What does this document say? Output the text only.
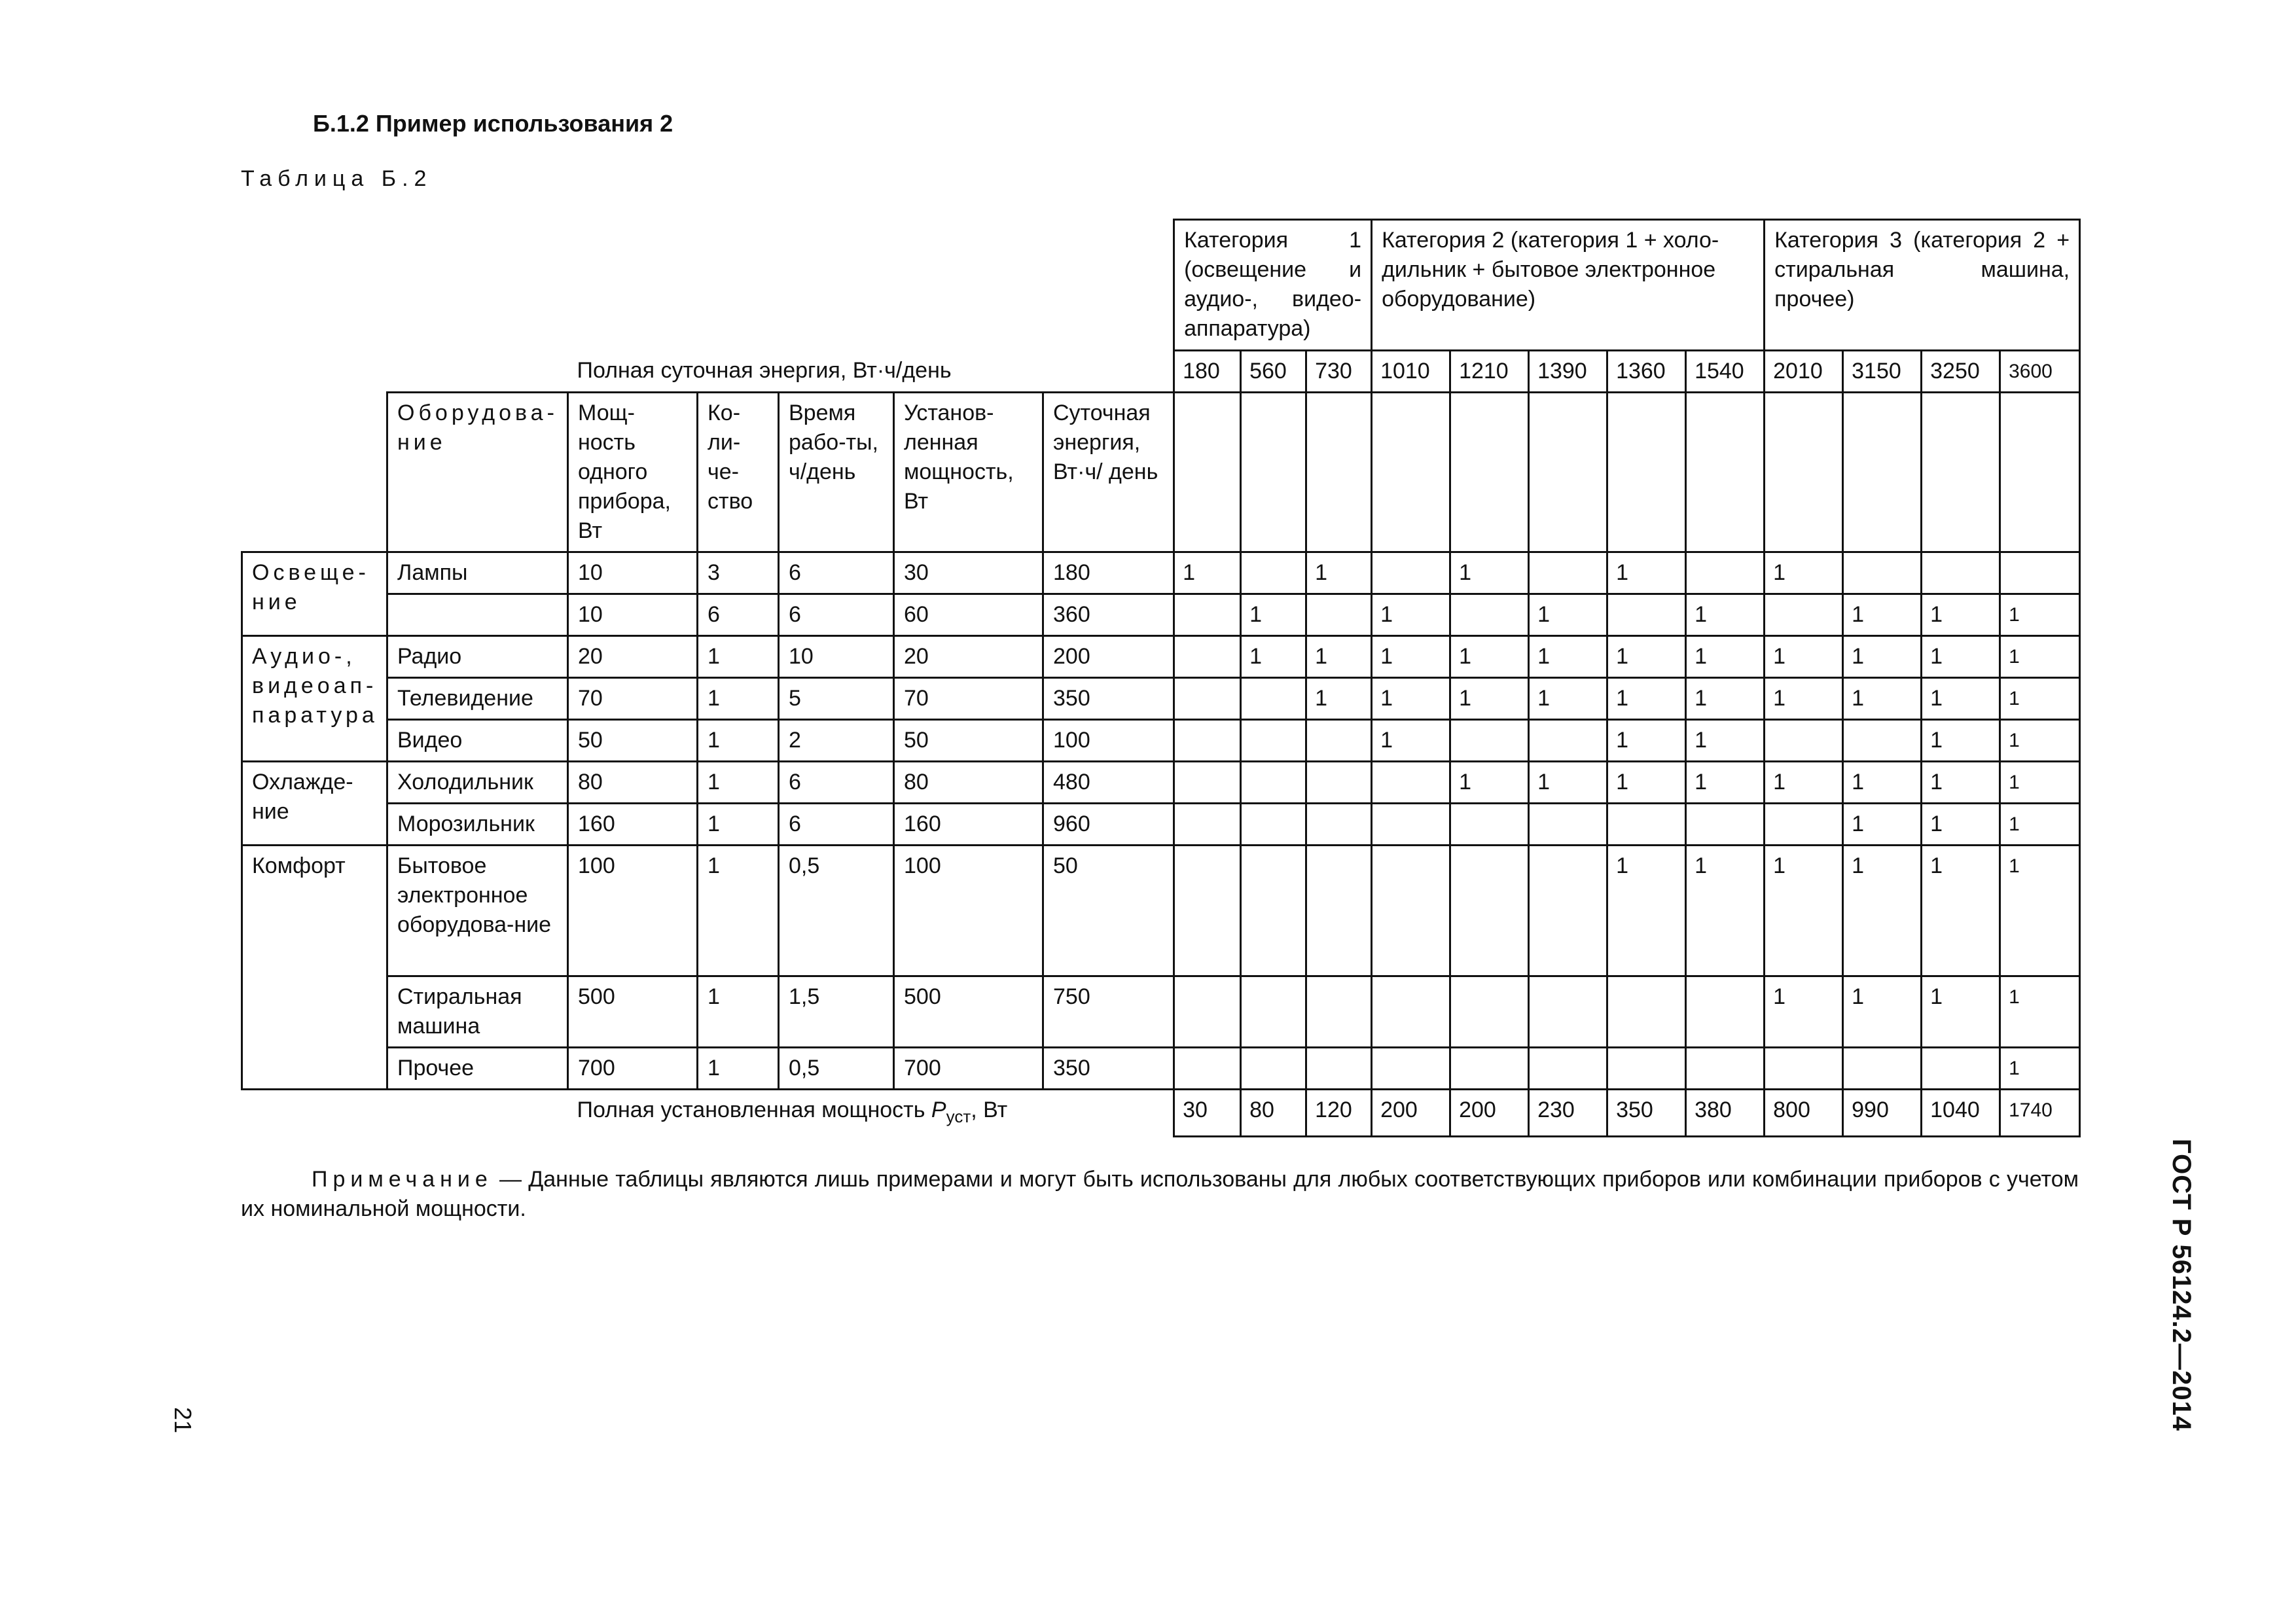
Б.1.2 Пример использования 2
Таблица Б.2
							Категория 1 (освещение и аудио-, видео-аппаратура)			Категория 2 (категория 1 + холо-дильник + бытовое электронное оборудование)					Категория 3 (категория 2 + стиральная машина, прочее)			
		Полная суточная энергия, Вт·ч/день					180	560	730	1010	1210	1390	1360	1540	2010	3150	3250	3600
	Оборудова-ние	Мощ-ность одного прибора, Вт	Ко-ли-че-ство	Время рабо-ты, ч/день	Установ-ленная мощность, Вт	Суточная энергия, Вт·ч/ день												
Освеще-ние	Лампы	10	3	6	30	180	1		1		1		1		1			
		10	6	6	60	360		1		1		1		1		1	1	1
Аудио-, видеоап-паратура	Радио	20	1	10	20	200		1	1	1	1	1	1	1	1	1	1	1
	Телевидение	70	1	5	70	350			1	1	1	1	1	1	1	1	1	1
	Видео	50	1	2	50	100				1			1	1			1	1
Охлажде-ние	Холодильник	80	1	6	80	480					1	1	1	1	1	1	1	1
	Морозильник	160	1	6	160	960										1	1	1
Комфорт	Бытовое электронное оборудова-ние	100	1	0,5	100	50							1	1	1	1	1	1
	Стиральная машина	500	1	1,5	500	750									1	1	1	1
	Прочее	700	1	0,5	700	350												1
		Полная установленная мощность $P_{уст}$, Вт					30	80	120	200	200	230	350	380	800	990	1040	1740

Примечание — Данные таблицы являются лишь примерами и могут быть использованы для любых соответствующих приборов или комбинации приборов с учетом их номинальной мощности.

21	ГОСТ Р 56124.2—2014
